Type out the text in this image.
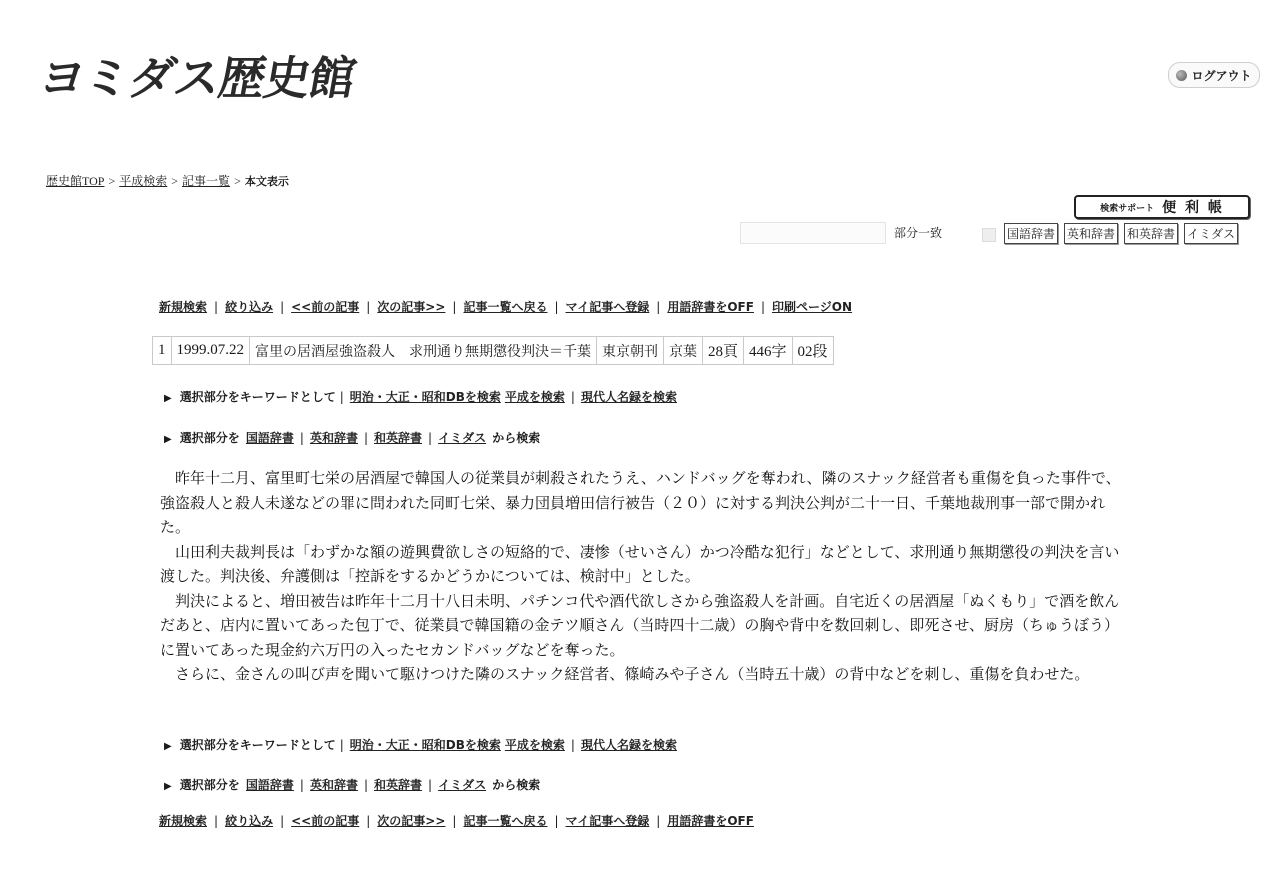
ヨミダス歴史館	ログアウト
歴史館TOP > 平成検索 > 記事一覧 > 本文表示
検索サポート 便 利 帳
部分一致	国語辞書 英和辞書 和英辞書 イミダス
新規検索 | 絞り込み | <<前の記事 | 次の記事>> | 記事一覧へ戻る | マイ記事へ登録 | 用語辞書をOFF | 印刷ページON
1	1999.07.22	富里の居酒屋強盗殺人　求刑通り無期懲役判決＝千葉	東京朝刊	京葉	28頁	446字	02段
▶ 選択部分をキーワードとして | 明治・大正・昭和DBを検索 平成を検索 | 現代人名録を検索
▶ 選択部分を 国語辞書 | 英和辞書 | 和英辞書 | イミダス から検索

昨年十二月、富里町七栄の居酒屋で韓国人の従業員が刺殺されたうえ、ハンドバッグを奪われ、隣のスナック経営者も重傷を負った事件で、強盗殺人と殺人未遂などの罪に問われた同町七栄、暴力団員増田信行被告（２０）に対する判決公判が二十一日、千葉地裁刑事一部で開かれた。

山田利夫裁判長は「わずかな額の遊興費欲しさの短絡的で、凄惨（せいさん）かつ冷酷な犯行」などとして、求刑通り無期懲役の判決を言い渡した。判決後、弁護側は「控訴をするかどうかについては、検討中」とした。

判決によると、増田被告は昨年十二月十八日未明、パチンコ代や酒代欲しさから強盗殺人を計画。自宅近くの居酒屋「ぬくもり」で酒を飲んだあと、店内に置いてあった包丁で、従業員で韓国籍の金テツ順さん（当時四十二歳）の胸や背中を数回刺し、即死させ、厨房（ちゅうぼう）に置いてあった現金約六万円の入ったセカンドバッグなどを奪った。

さらに、金さんの叫び声を聞いて駆けつけた隣のスナック経営者、篠崎みや子さん（当時五十歳）の背中などを刺し、重傷を負わせた。

▶ 選択部分をキーワードとして | 明治・大正・昭和DBを検索 平成を検索 | 現代人名録を検索
▶ 選択部分を 国語辞書 | 英和辞書 | 和英辞書 | イミダス から検索
新規検索 | 絞り込み | <<前の記事 | 次の記事>> | 記事一覧へ戻る | マイ記事へ登録 | 用語辞書をOFF
